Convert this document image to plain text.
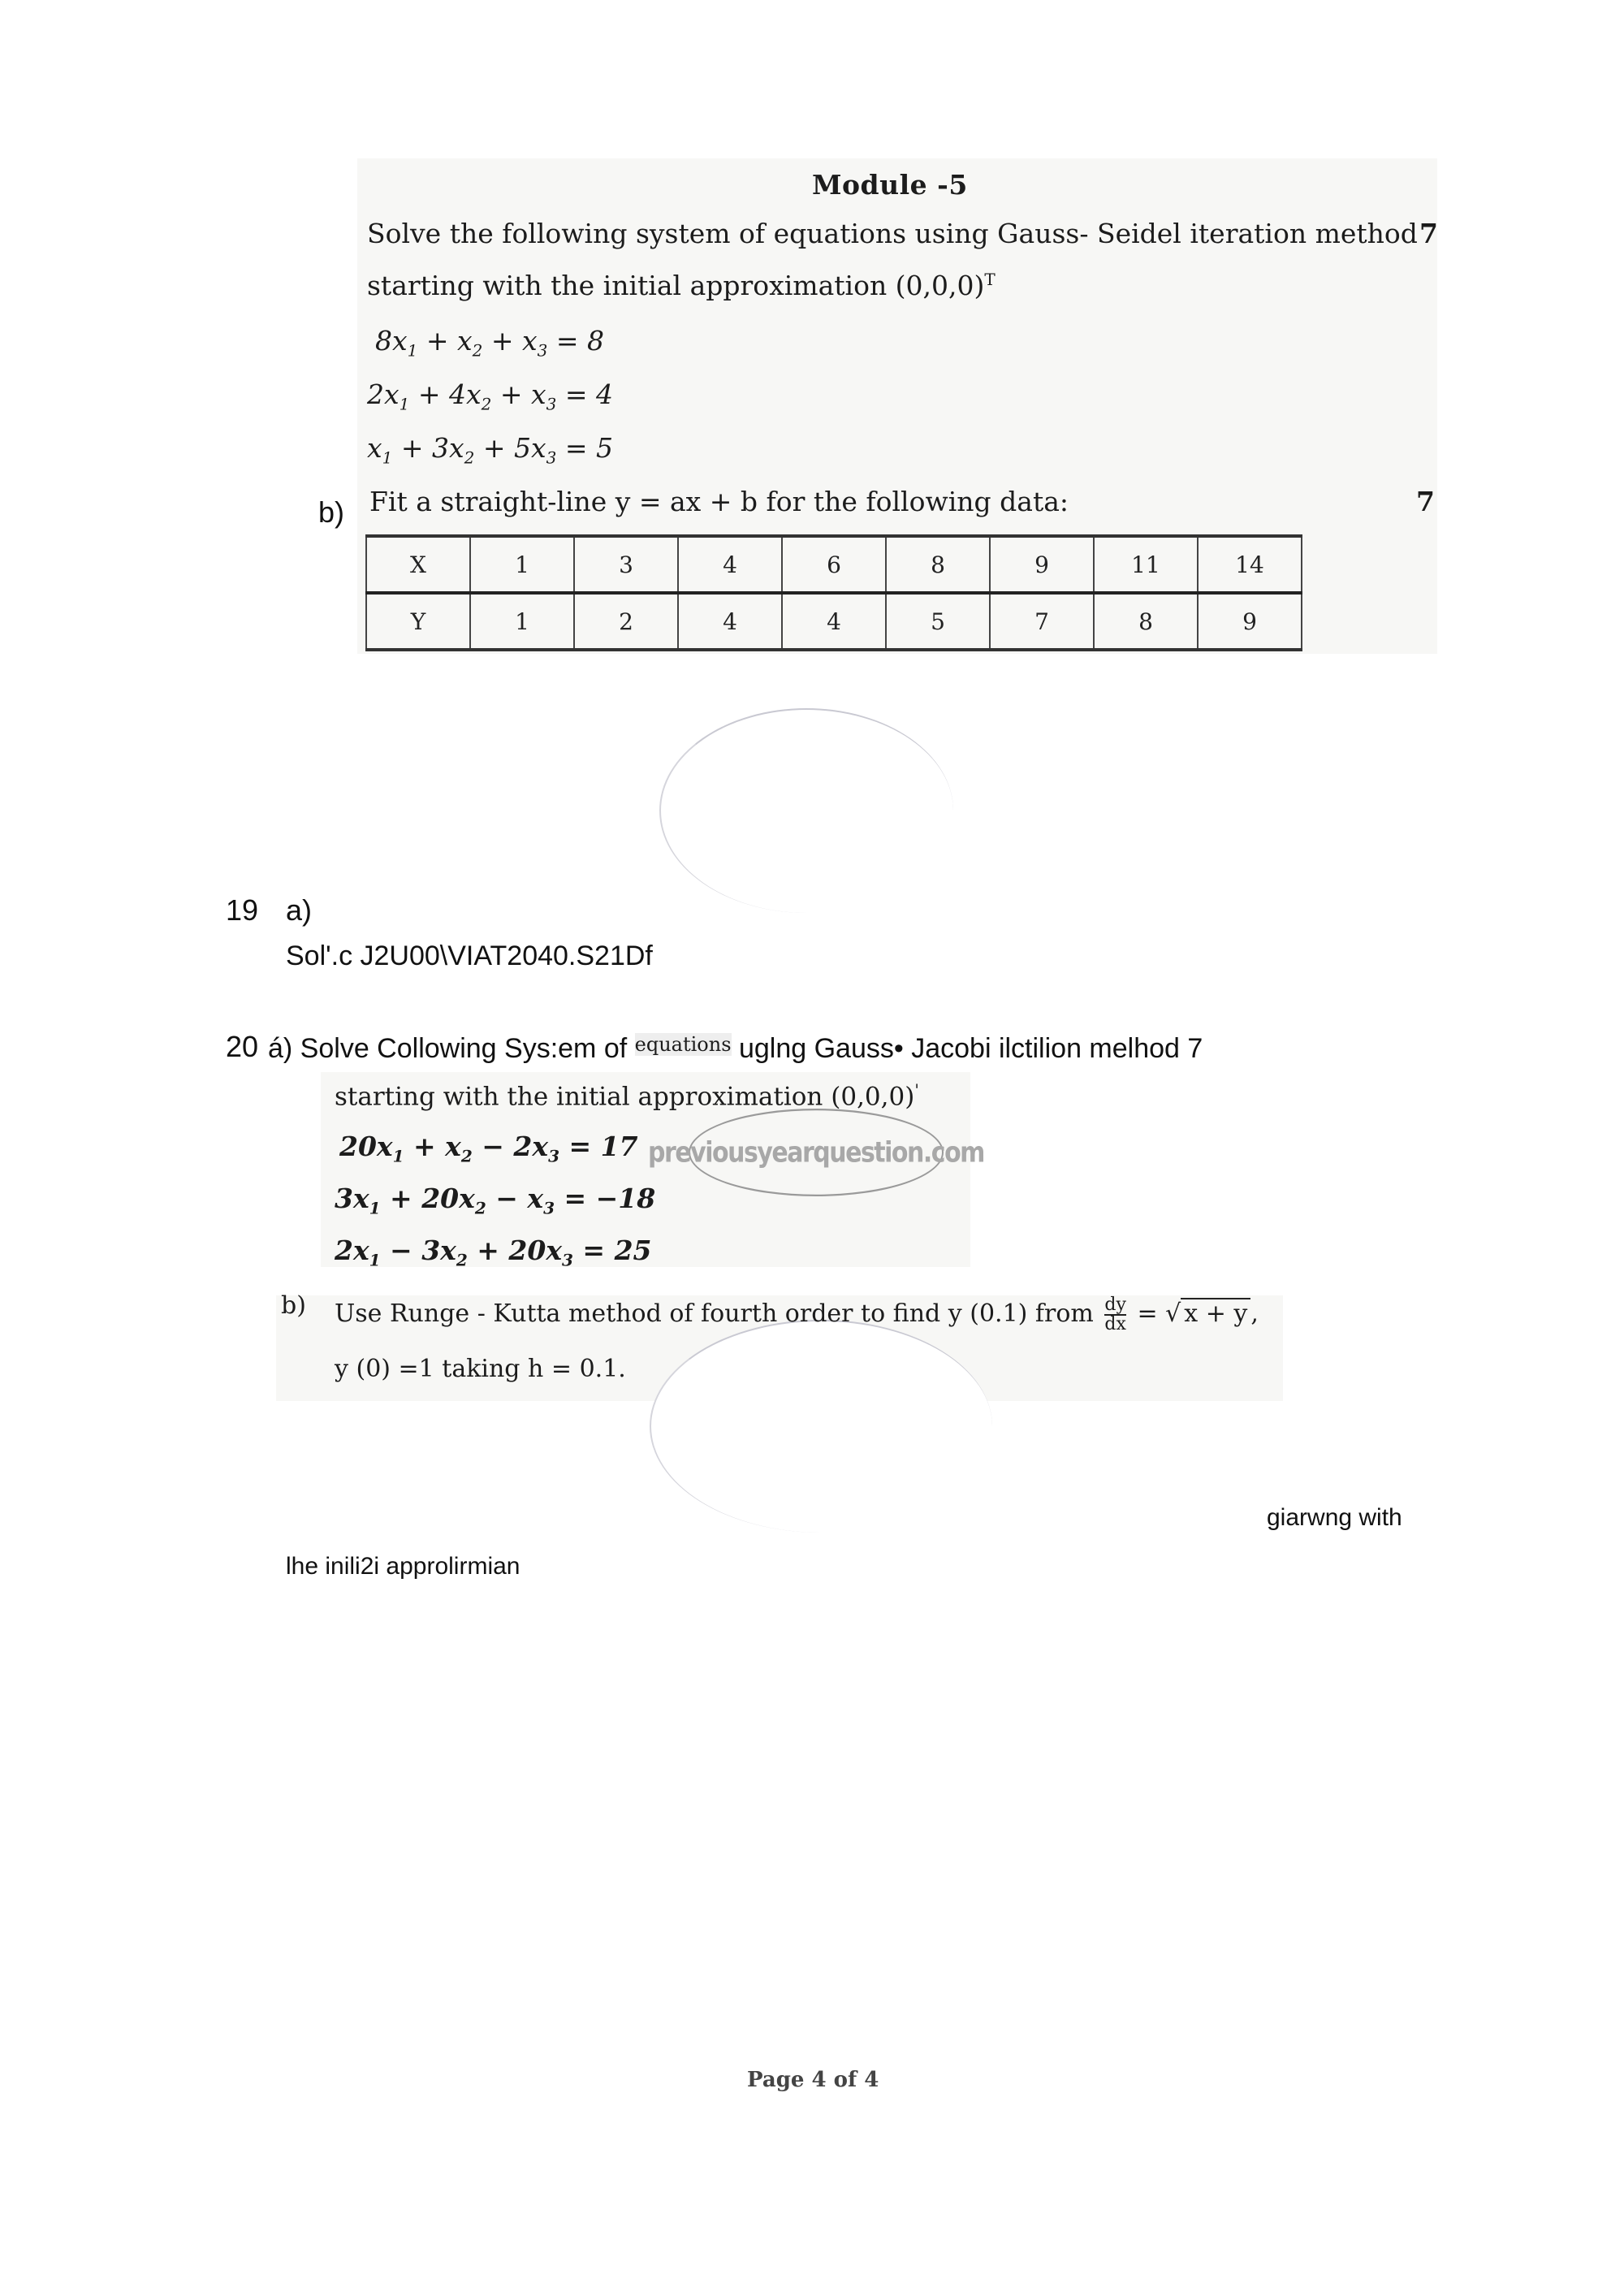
Module -5
Solve the following system of equations using Gauss- Seidel iteration method 7
starting with the initial approximation $(0,0,0)^T$
$8x_1 + x_2 + x_3 = 8$
$2x_1 + 4x_2 + x_3 = 4$
$x_1 + 3x_2 + 5x_3 = 5$
b) Fit a straight-line y = ax + b for the following data:	7
X	1	3	4	6	8	9	11	14
Y	1	2	4	4	5	7	8	9
19 a)
Sol'.c J2U00\VIAT2040.S21Df
20 á) Solve Collowing Sys:em of $^{equations}$ uglng Gauss• Jacobi ilctilion melhod 7
starting with the initial approximation (0,0,0)'
$20x_1 + x_2 - 2x_3 = 17$
$3x_1 + 20x_2 - x_3 = -18$
$2x_1 - 3x_2 + 20x_3 = 25$
previousyearquestion.com
b) Use Runge - Kutta method of fourth order to find y (0.1) from $\frac{dy}{dx}$ = √ x + y ,
y (0) =1 taking h = 0.1.
giarwng with
lhe inili2i approlirmian
Page 4 of 4
